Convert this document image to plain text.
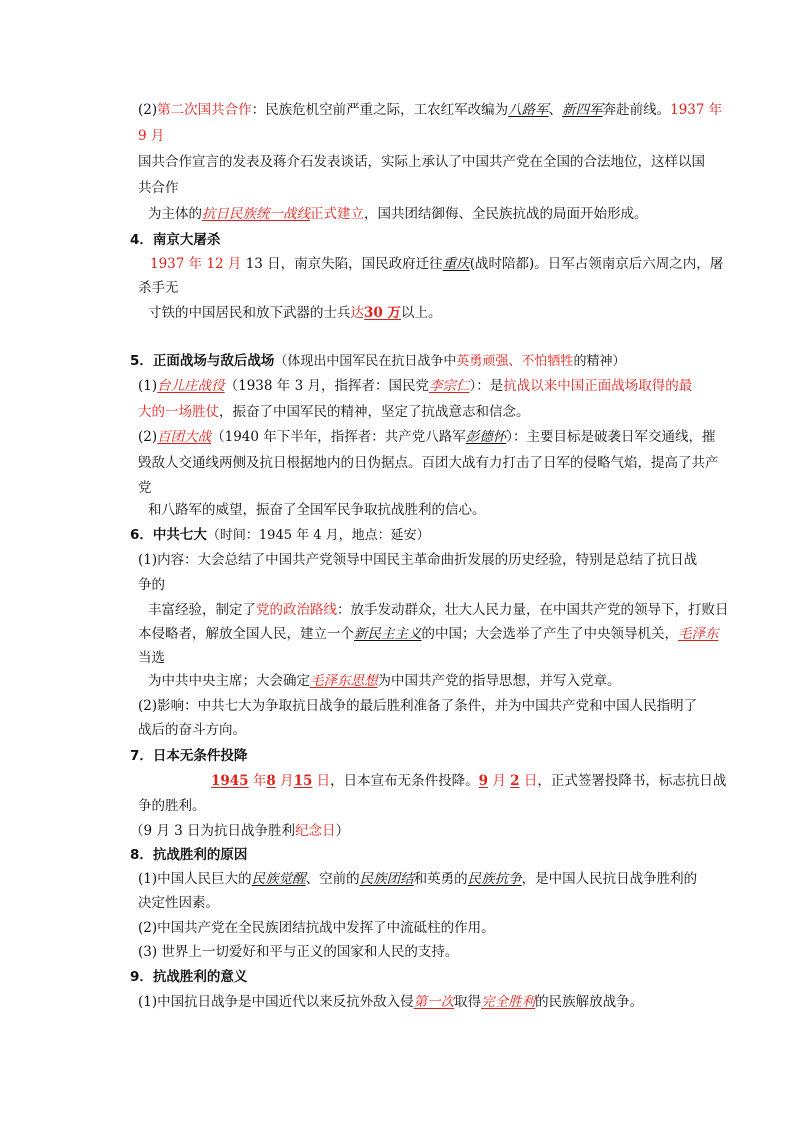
(2)第二次国共合作：民族危机空前严重之际，工农红军改编为八路军、新四军奔赴前线。1937 年
9 月
国共合作宣言的发表及蒋介石发表谈话，实际上承认了中国共产党在全国的合法地位，这样以国
共合作
为主体的抗日民族统一战线正式建立，国共团结御侮、全民族抗战的局面开始形成。
4．南京大屠杀
1937 年 12 月 13 日，南京失陷，国民政府迁往重庆(战时陪都)。日军占领南京后六周之内，屠
杀手无
寸铁的中国居民和放下武器的士兵达30 万以上。
5．正面战场与敌后战场（体现出中国军民在抗日战争中英勇顽强、不怕牺牲的精神）
(1)台儿庄战役（1938 年 3 月，指挥者：国民党李宗仁）：是抗战以来中国正面战场取得的最
大的一场胜仗，振奋了中国军民的精神，坚定了抗战意志和信念。
(2)百团大战（1940 年下半年，指挥者：共产党八路军彭德怀）：主要目标是破袭日军交通线，摧
毁敌人交通线两侧及抗日根据地内的日伪据点。百团大战有力打击了日军的侵略气焰，提高了共产
党
和八路军的威望，振奋了全国军民争取抗战胜利的信心。
6．中共七大（时间：1945 年 4 月，地点：延安）
(1)内容：大会总结了中国共产党领导中国民主革命曲折发展的历史经验，特别是总结了抗日战
争的
丰富经验，制定了党的政治路线：放手发动群众，壮大人民力量，在中国共产党的领导下，打败日
本侵略者，解放全国人民，建立一个新民主主义的中国；大会选举了产生了中央领导机关，毛泽东
当选
为中共中央主席；大会确定毛泽东思想为中国共产党的指导思想，并写入党章。
(2)影响：中共七大为争取抗日战争的最后胜利准备了条件，并为中国共产党和中国人民指明了
战后的奋斗方向。
7．日本无条件投降
1945 年8 月15 日，日本宣布无条件投降。9 月 2 日，正式签署投降书，标志抗日战
争的胜利。
（9 月 3 日为抗日战争胜利纪念日）
8．抗战胜利的原因
(1)中国人民巨大的民族觉醒、空前的民族团结和英勇的民族抗争，是中国人民抗日战争胜利的
决定性因素。
(2)中国共产党在全民族团结抗战中发挥了中流砥柱的作用。
(3) 世界上一切爱好和平与正义的国家和人民的支持。
9．抗战胜利的意义
(1)中国抗日战争是中国近代以来反抗外敌入侵第一次取得完全胜利的民族解放战争。
